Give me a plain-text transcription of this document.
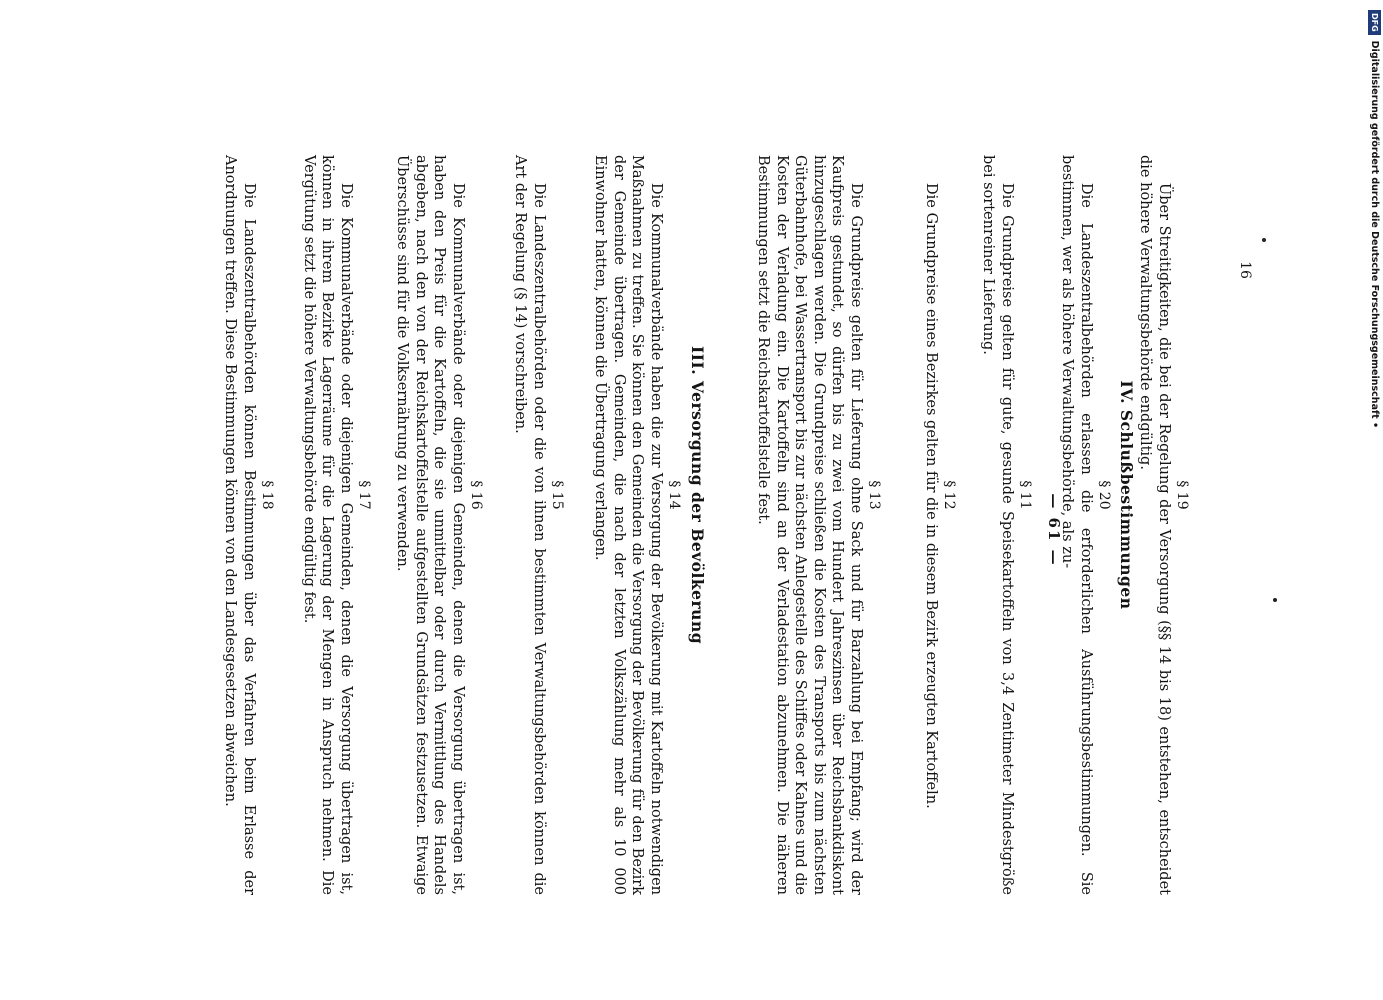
— 61 —
§ 11

Die Grundpreise gelten für gute, gesunde Speisekartoffeln von 3,4 Zentimeter Mindestgröße bei sortenreiner Lieferung.

§ 12

Die Grundpreise eines Bezirkes gelten für die in diesem Bezirk erzeugten Kartoffeln.

§ 13

Die Grundpreise gelten für Lieferung ohne Sack und für Barzahlung bei Empfang; wird der Kaufpreis gestundet, so dürfen bis zu zwei vom Hundert Jahreszinsen über Reichsbankdiskont hinzugeschlagen werden. Die Grundpreise schließen die Kosten des Transports bis zum nächsten Güterbahnhofe, bei Wassertransport bis zur nächsten Anlegestelle des Schiffes oder Kahnes und die Kosten der Verladung ein. Die Kartoffeln sind an der Verladestation abzunehmen. Die näheren Bestimmungen setzt die Reichskartoffelstelle fest.

III. Versorgung der Bevölkerung
§ 14

Die Kommunalverbände haben die zur Versorgung der Bevölkerung mit Kartoffeln notwendigen Maßnahmen zu treffen. Sie können den Gemeinden die Versorgung der Bevölkerung für den Bezirk der Gemeinde übertragen. Gemeinden, die nach der letzten Volkszählung mehr als 10 000 Einwohner hatten, können die Übertragung verlangen.

§ 15

Die Landeszentralbehörden oder die von ihnen bestimmten Verwaltungsbehörden können die Art der Regelung (§ 14) vorschreiben.

§ 16

Die Kommunalverbände oder diejenigen Gemeinden, denen die Versorgung übertragen ist, haben den Preis für die Kartoffeln, die sie unmittelbar oder durch Vermittlung des Handels abgeben, nach den von der Reichskartoffelstelle aufgestellten Grundsätzen festzusetzen. Etwaige Überschüsse sind für die Volksernährung zu verwenden.

§ 17

Die Kommunalverbände oder diejenigen Gemeinden, denen die Versorgung übertragen ist, können in ihrem Bezirke Lagerräume für die Lagerung der Mengen in Anspruch nehmen. Die Vergütung setzt die höhere Verwaltungsbehörde endgültig fest.

§ 18

Die Landeszentralbehörden können Bestimmungen über das Verfahren beim Erlasse der Anordnungen treffen. Diese Bestimmungen können von den Landesgesetzen abweichen.	§ 19

Über Streitigkeiten, die bei der Regelung der Versorgung (§§ 14 bis 18) entstehen, entscheidet die höhere Verwaltungsbehörde endgültig.

IV. Schlußbestimmungen
§ 20

Die Landeszentralbehörden erlassen die erforderlichen Ausführungsbestimmungen. Sie bestimmen, wer als höhere Verwaltungsbehörde, als zu-	16
DFGDigitalisierung gefördert durch die Deutsche Forschungsgemeinschaft •
